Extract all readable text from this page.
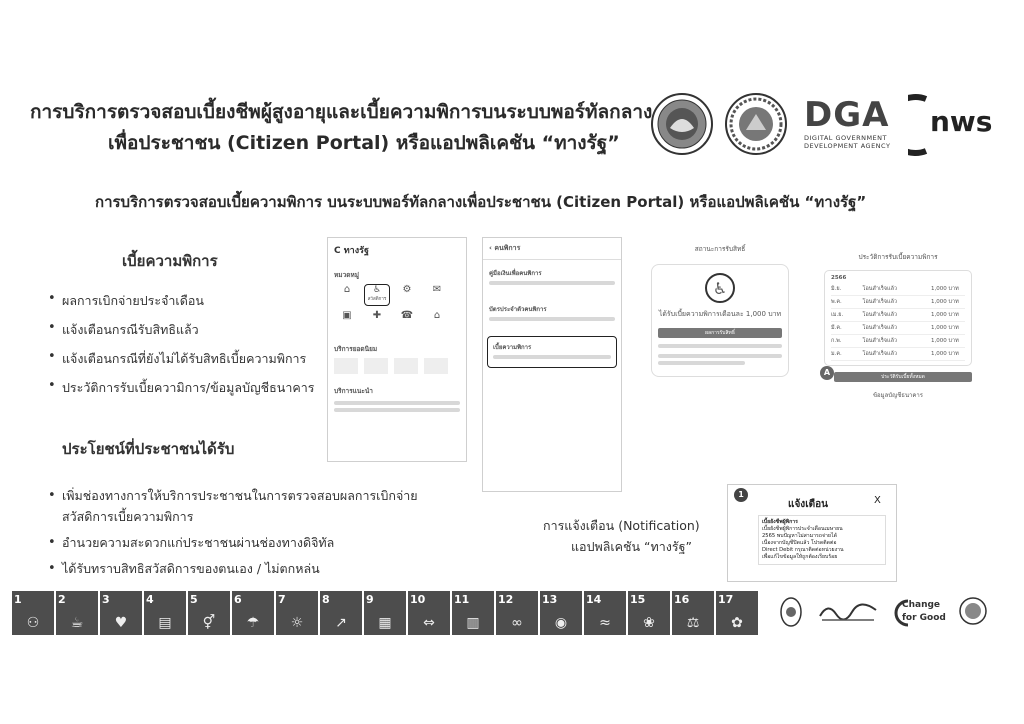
การบริการตรวจสอบเบี้ยงชีพผู้สูงอายุและเบี้ยความพิการบนระบบพอร์ทัลกลาง
เพื่อประชาชน (Citizen Portal) หรือแอปพลิเคชัน “ทางรัฐ”
DGA
DIGITAL GOVERNMENT
DEVELOPMENT AGENCY
nws
การบริการตรวจสอบเบี้ยความพิการ บนระบบพอร์ทัลกลางเพื่อประชาชน (Citizen Portal) หรือแอปพลิเคชัน “ทางรัฐ”
เบี้ยความพิการ
• ผลการเบิกจ่ายประจำเดือน
• แจ้งเตือนกรณีรับสิทธิแล้ว
• แจ้งเตือนกรณีที่ยังไม่ได้รับสิทธิเบี้ยความพิการ
• ประวัติการรับเบี้ยความิการ/ข้อมูลบัญชีธนาคาร
ประโยชน์ที่ประชาชนได้รับ
• เพิ่มช่องทางการให้บริการประชาชนในการตรวจสอบผลการเบิกจ่าย
สวัสดิการเบี้ยความพิการ
• อำนวยความสะดวกแก่ประชาชนผ่านช่องทางดิจิทัล
• ได้รับทราบสิทธิสวัสดิการของตนเอง / ไม่ตกหล่น
C ทางรัฐ
หมวดหมู่
⌂	♿
สวัสดิการ
⚙	✉
▣	✚	☎	⌂
บริการยอดนิยม
บริการแนะนำ
‹ คนพิการ
คู่มือเงินเพื่อคนพิการ
บัตรประจำตัวคนพิการ
เบี้ยความพิการ
สถานะการรับสิทธิ์
♿
ได้รับเบี้ยความพิการเดือนละ 1,000 บาท
ผลการรับสิทธิ์
ประวัติการรับเบี้ยความพิการ
2566
มิ.ย.	โอนสำเร็จแล้ว	1,000 บาท
พ.ค.	โอนสำเร็จแล้ว	1,000 บาท
เม.ย.	โอนสำเร็จแล้ว	1,000 บาท
มี.ค.	โอนสำเร็จแล้ว	1,000 บาท
ก.พ.	โอนสำเร็จแล้ว	1,000 บาท
ม.ค.	โอนสำเร็จแล้ว	1,000 บาท
A	ประวัติรับเบี้ยทั้งหมด
ข้อมูลบัญชีธนาคาร
การแจ้งเตือน (Notification)
แอปพลิเคชัน “ทางรัฐ”
1
แจ้งเตือน	X
เบี้ยยังชีพผู้พิการ
เบี้ยยังชีพผู้พิการประจำเดือนเมษายน
2565 พบปัญหาไม่สามารถจ่ายได้
เนื่องจากบัญชีปิดแล้ว โปรดติดต่อ
Direct Debit กรุณาติดต่อหน่วยงาน
เพื่อแก้ไขข้อมูลให้ถูกต้องเรียบร้อย
1
⚇
2
☕
3
♥
4
▤
5
⚥
6
☂
7
☼
8
↗
9
▦
10
⇔
11
▥
12
∞
13
◉
14
≈
15
❀
16
⚖
17
✿
Change
for Good
